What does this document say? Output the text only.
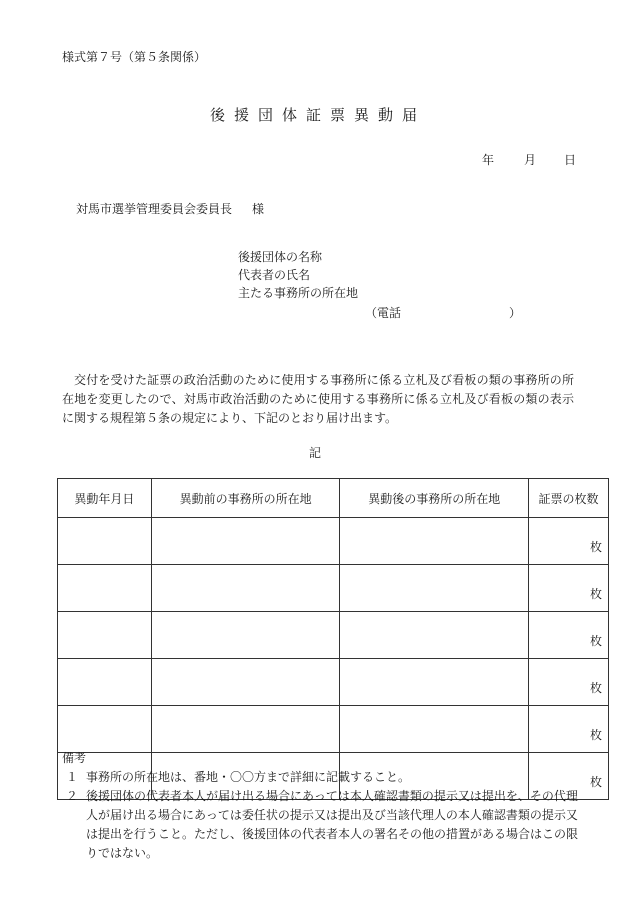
様式第７号（第５条関係）
後援団体証票異動届
年 月 日
対馬市選挙管理委員会委員長 様
後援団体の名称
代表者の氏名
主たる事務所の所在地
（電話	）
交付を受けた証票の政治活動のために使用する事務所に係る立札及び看板の類の事務所の所在地を変更したので、対馬市政治活動のために使用する事務所に係る立札及び看板の類の表示に関する規程第５条の規定により、下記のとおり届け出ます。
記
異動年月日	異動前の事務所の所在地	異動後の事務所の所在地	証票の枚数
			枚
			枚
			枚
			枚
			枚
			枚
備考
１ 事務所の所在地は、番地・〇〇方まで詳細に記載すること。
２ 後援団体の代表者本人が届け出る場合にあっては本人確認書類の提示又は提出を、その代理人が届け出る場合にあっては委任状の提示又は提出及び当該代理人の本人確認書類の提示又は提出を行うこと。ただし、後援団体の代表者本人の署名その他の措置がある場合はこの限りではない。
